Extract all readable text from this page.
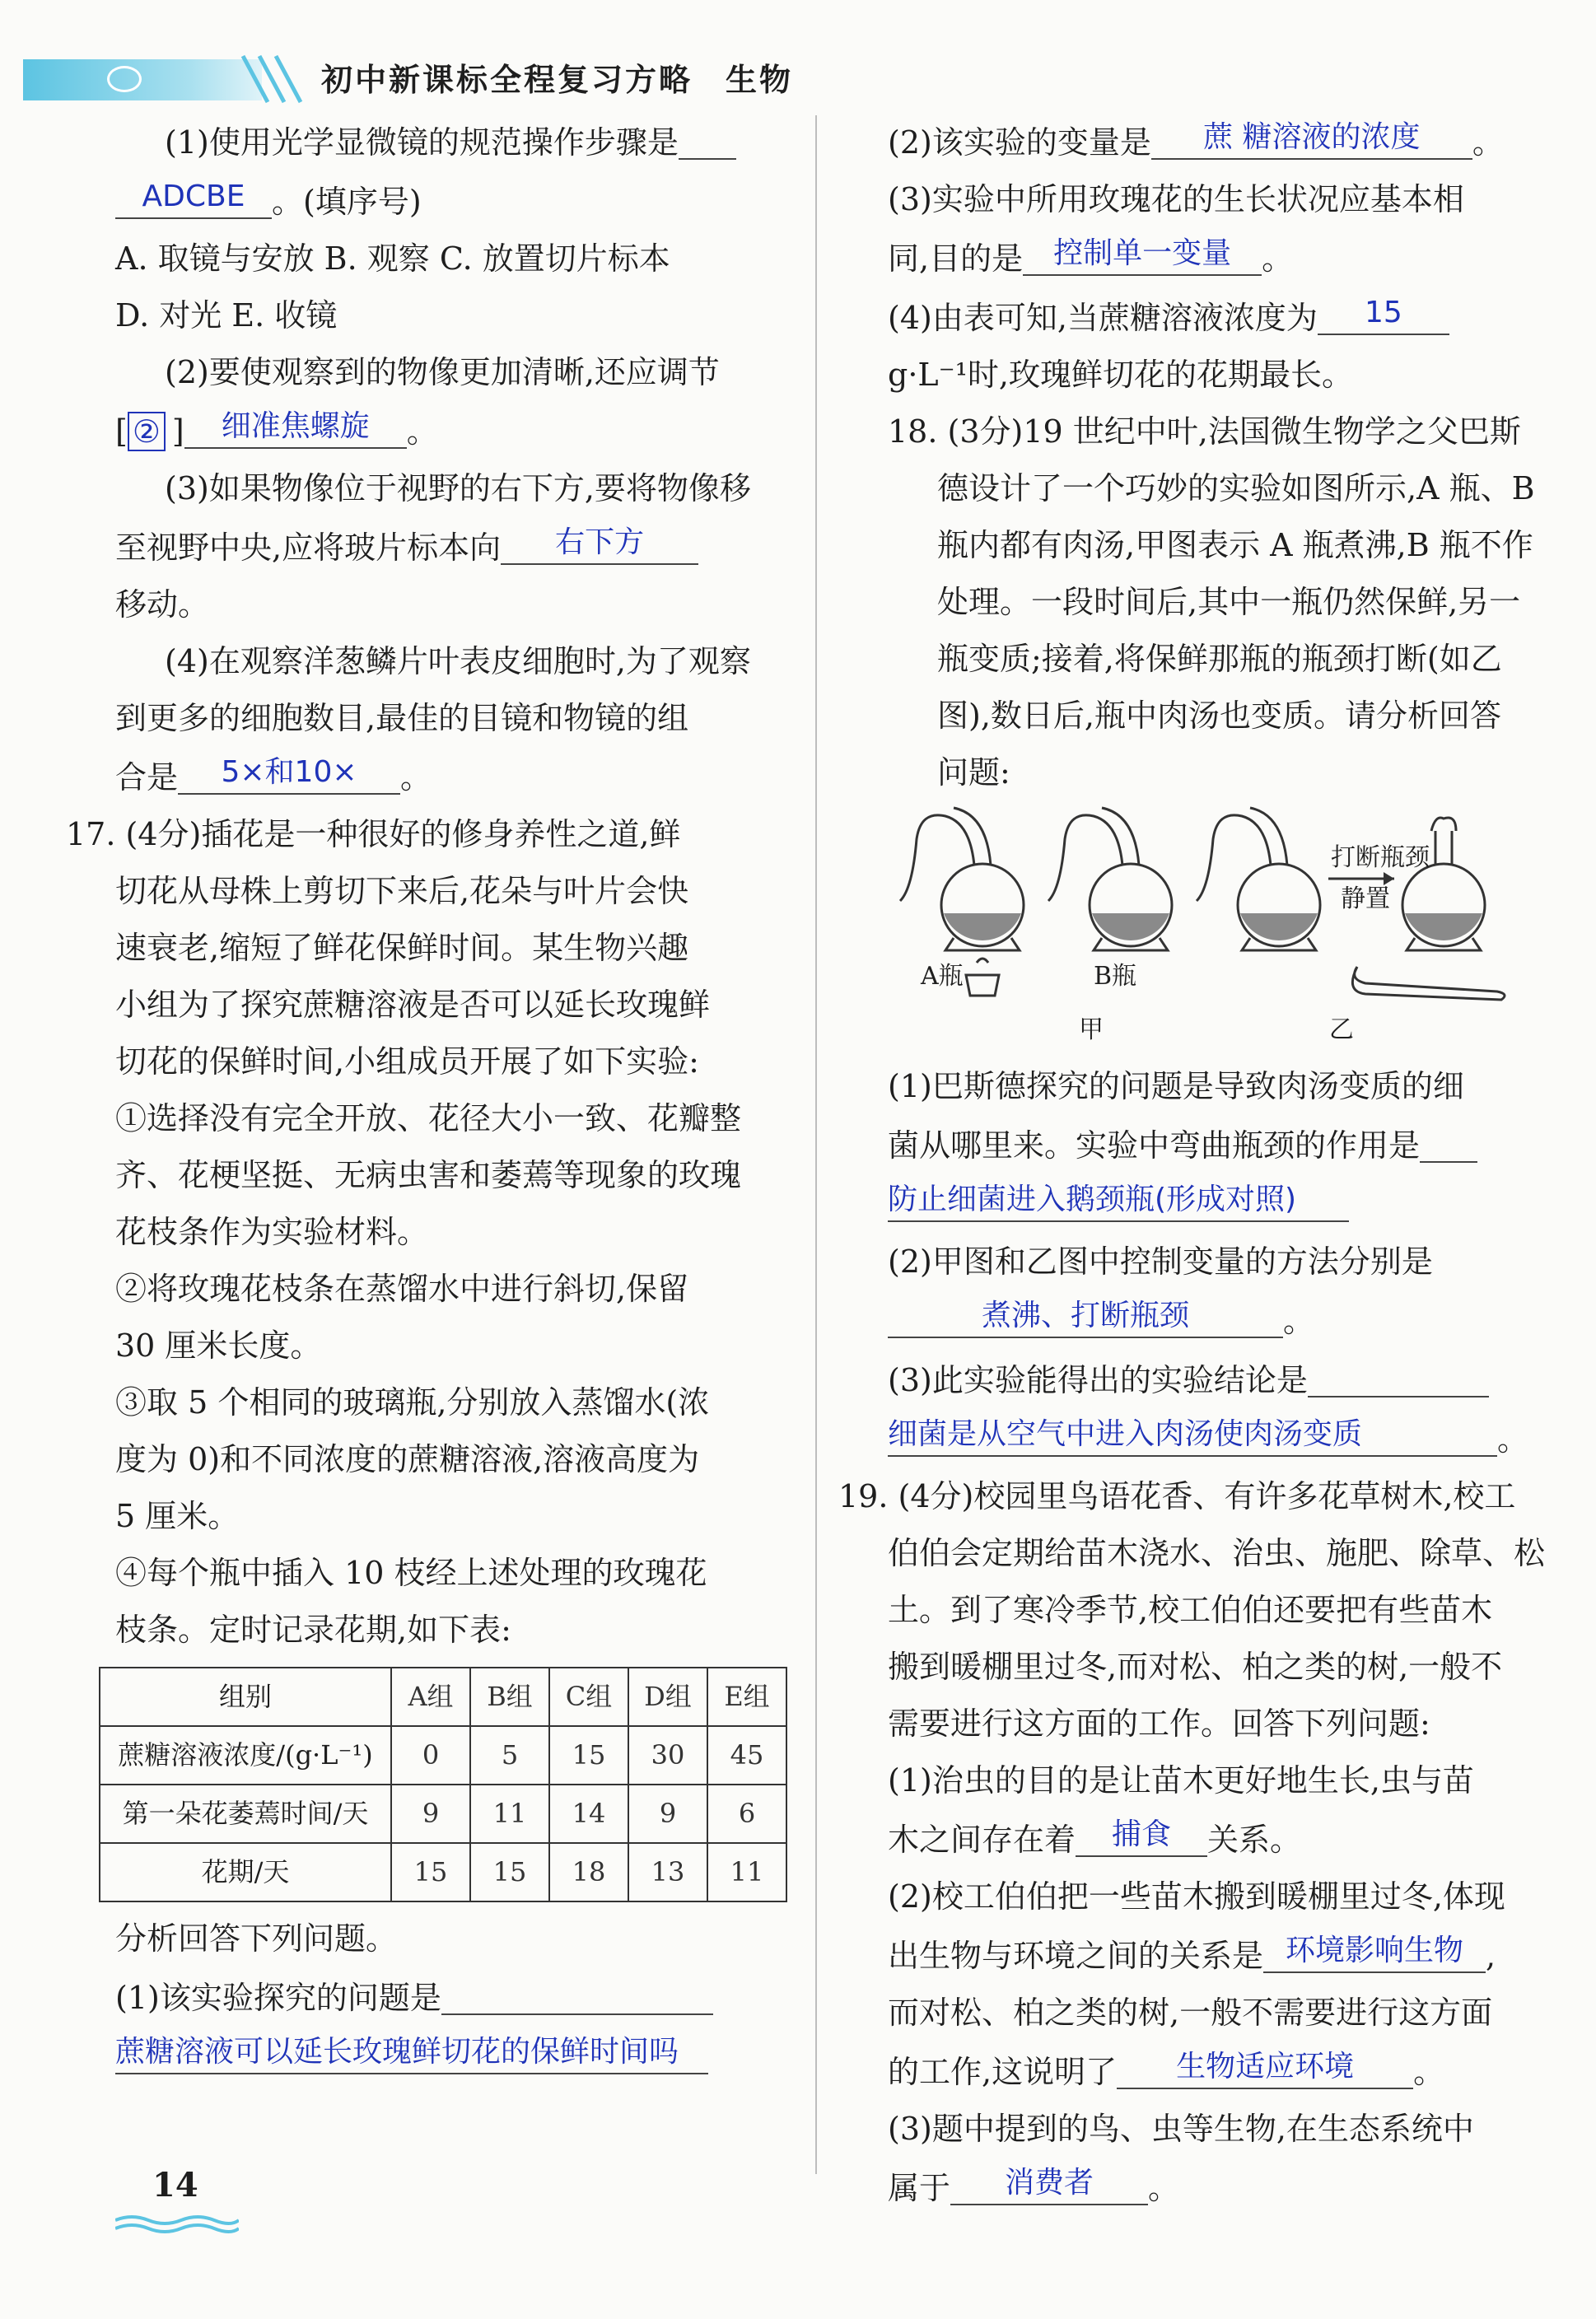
初中新课标全程复习方略 生物
(1)使用光学显微镜的规范操作步骤是
ADCBE 。(填序号)
A. 取镜与安放 B. 观察 C. 放置切片标本
D. 对光 E. 收镜
(2)要使观察到的物像更加清晰,还应调节
[ ② ]	细准焦螺旋	。
(3)如果物像位于视野的右下方,要将物像移
至视野中央,应将玻片标本向	右下方
移动。
(4)在观察洋葱鳞片叶表皮细胞时,为了观察
到更多的细胞数目,最佳的目镜和物镜的组
合是	5×和10×	。
17. (4分)插花是一种很好的修身养性之道,鲜
切花从母株上剪切下来后,花朵与叶片会快
速衰老,缩短了鲜花保鲜时间。某生物兴趣
小组为了探究蔗糖溶液是否可以延长玫瑰鲜
切花的保鲜时间,小组成员开展了如下实验:
①选择没有完全开放、花径大小一致、花瓣整
齐、花梗坚挺、无病虫害和萎蔫等现象的玫瑰
花枝条作为实验材料。
②将玫瑰花枝条在蒸馏水中进行斜切,保留
30 厘米长度。
③取 5 个相同的玻璃瓶,分别放入蒸馏水(浓
度为 0)和不同浓度的蔗糖溶液,溶液高度为
5 厘米。
④每个瓶中插入 10 枝经上述处理的玫瑰花
枝条。定时记录花期,如下表:
组别	A组	B组	C组	D组	E组
蔗糖溶液浓度/(g·L⁻¹)	0	5	15	30	45
第一朵花萎蔫时间/天	9	11	14	9	6
花期/天	15	15	18	13	11
分析回答下列问题。
(1)该实验探究的问题是
蔗糖溶液可以延长玫瑰鲜切花的保鲜时间吗
(2)该实验的变量是	蔗 糖溶液的浓度	。
(3)实验中所用玫瑰花的生长状况应基本相
同,目的是	控制单一变量 。
(4)由表可知,当蔗糖溶液浓度为	15
g·L⁻¹时,玫瑰鲜切花的花期最长。
18. (3分)19 世纪中叶,法国微生物学之父巴斯
德设计了一个巧妙的实验如图所示,A 瓶、B
瓶内都有肉汤,甲图表示 A 瓶煮沸,B 瓶不作
处理。一段时间后,其中一瓶仍然保鲜,另一
瓶变质;接着,将保鲜那瓶的瓶颈打断(如乙
图),数日后,瓶中肉汤也变质。请分析回答
问题:
A瓶	B瓶
甲	乙
打断瓶颈
静置
(1)巴斯德探究的问题是导致肉汤变质的细
菌从哪里来。实验中弯曲瓶颈的作用是
防止细菌进入鹅颈瓶(形成对照)
(2)甲图和乙图中控制变量的方法分别是
煮沸、打断瓶颈	。
(3)此实验能得出的实验结论是
细菌是从空气中进入肉汤使肉汤变质	。
19. (4分)校园里鸟语花香、有许多花草树木,校工
伯伯会定期给苗木浇水、治虫、施肥、除草、松
土。到了寒冷季节,校工伯伯还要把有些苗木
搬到暖棚里过冬,而对松、柏之类的树,一般不
需要进行这方面的工作。回答下列问题:
(1)治虫的目的是让苗木更好地生长,虫与苗
木之间存在着	捕食	关系。
(2)校工伯伯把一些苗木搬到暖棚里过冬,体现
出生物与环境之间的关系是 环境影响生物 ,
而对松、柏之类的树,一般不需要进行这方面
的工作,这说明了	生物适应环境	。
(3)题中提到的鸟、虫等生物,在生态系统中
属于	消费者	。
14
